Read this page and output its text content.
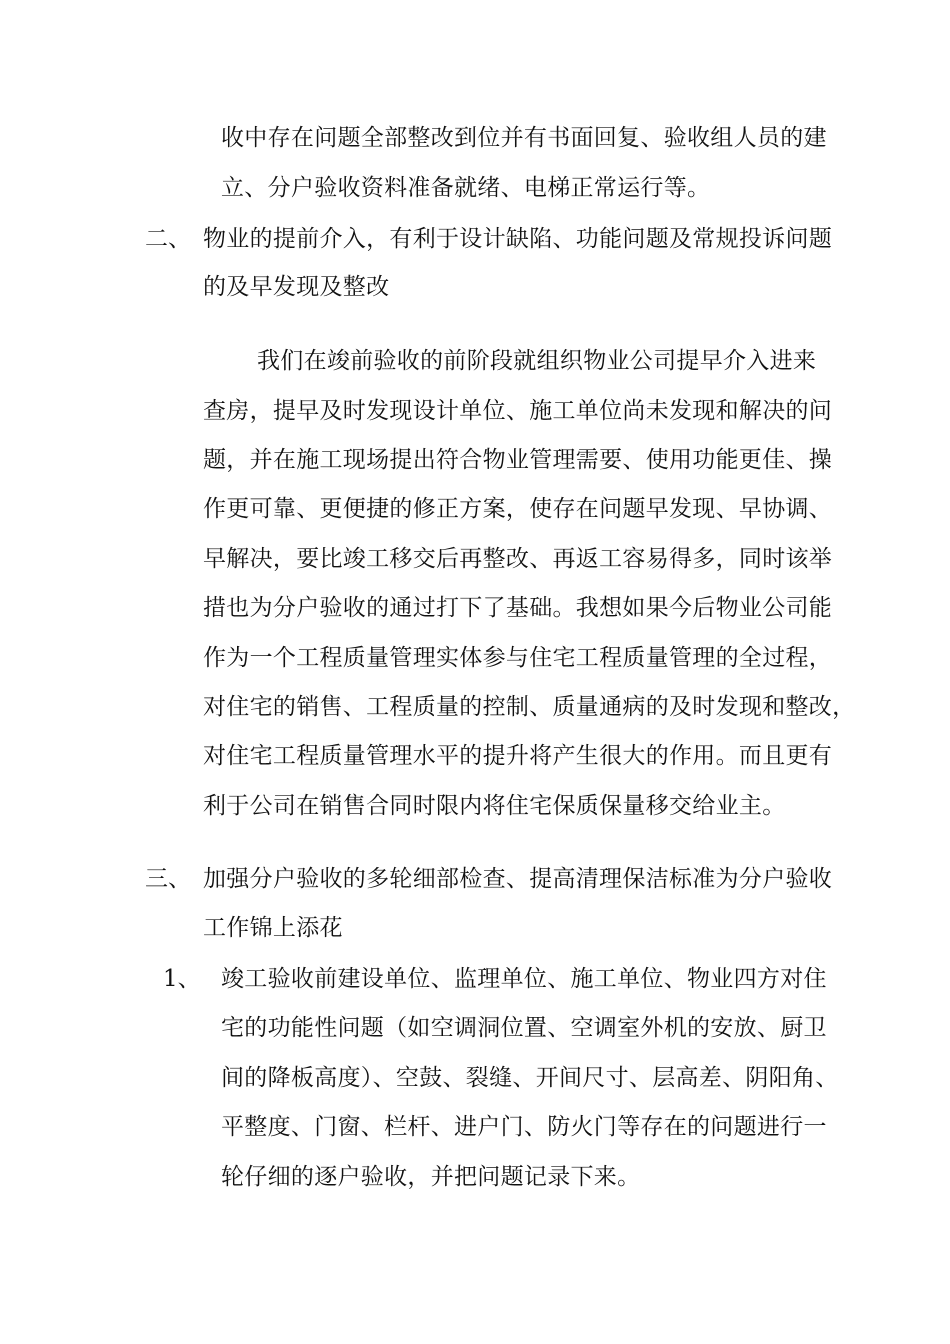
收中存在问题全部整改到位并有书面回复、验收组人员的建
立、分户验收资料准备就绪、电梯正常运行等。
二、 物业的提前介入，有利于设计缺陷、功能问题及常规投诉问题
的及早发现及整改
我们在竣前验收的前阶段就组织物业公司提早介入进来
查房，提早及时发现设计单位、施工单位尚未发现和解决的问
题，并在施工现场提出符合物业管理需要、使用功能更佳、操
作更可靠、更便捷的修正方案，使存在问题早发现、早协调、
早解决，要比竣工移交后再整改、再返工容易得多，同时该举
措也为分户验收的通过打下了基础。我想如果今后物业公司能
作为一个工程质量管理实体参与住宅工程质量管理的全过程，
对住宅的销售、工程质量的控制、质量通病的及时发现和整改，
对住宅工程质量管理水平的提升将产生很大的作用。而且更有
利于公司在销售合同时限内将住宅保质保量移交给业主。
三、 加强分户验收的多轮细部检查、提高清理保洁标准为分户验收
工作锦上添花
1、 竣工验收前建设单位、监理单位、施工单位、物业四方对住
宅的功能性问题（如空调洞位置、空调室外机的安放、厨卫
间的降板高度）、空鼓、裂缝、开间尺寸、层高差、阴阳角、
平整度、门窗、栏杆、进户门、防火门等存在的问题进行一
轮仔细的逐户验收，并把问题记录下来。
